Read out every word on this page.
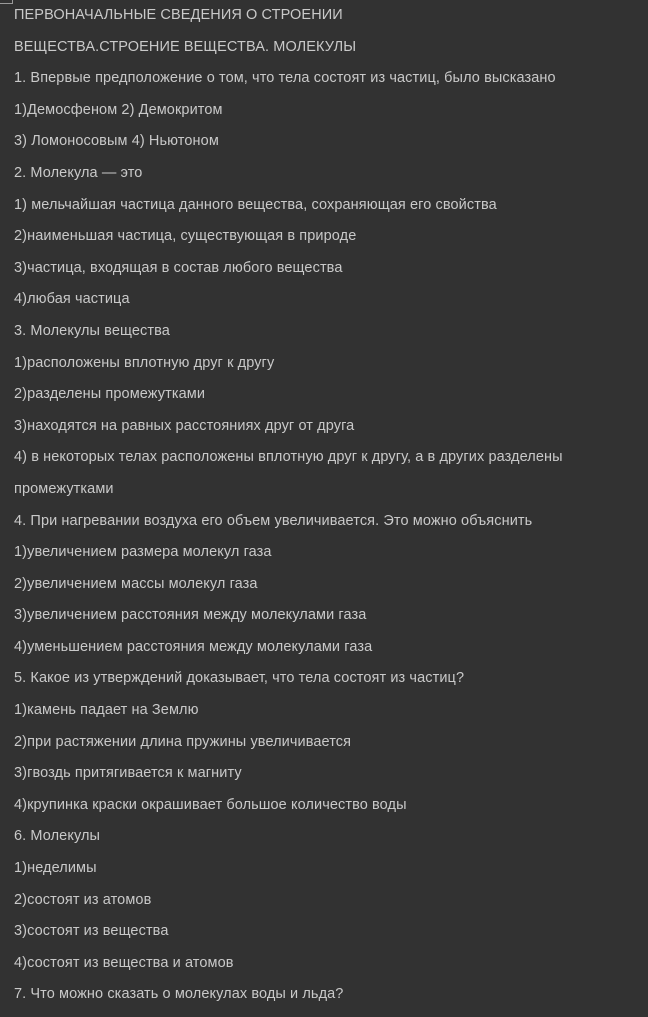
ПЕРВОНАЧАЛЬНЫЕ СВЕДЕНИЯ О СТРОЕНИИ
ВЕЩЕСТВА.СТРОЕНИЕ ВЕЩЕСТВА. МОЛЕКУЛЫ
1. Впервые предположение о том, что тела состоят из частиц, было высказано
1)Демосфеном 2) Демокритом
3) Ломоносовым 4) Ньютоном
2. Молекула — это
1) мельчайшая частица данного вещества, сохраняющая его свойства
2)наименьшая частица, существующая в природе
3)частица, входящая в состав любого вещества
4)любая частица
3. Молекулы вещества
1)расположены вплотную друг к другу
2)разделены промежутками
3)находятся на равных расстояниях друг от друга
4) в некоторых телах расположены вплотную друг к другу, а в других разделены
промежутками
4. При нагревании воздуха его объем увеличивается. Это можно объяснить
1)увеличением размера молекул газа
2)увеличением массы молекул газа
3)увеличением расстояния между молекулами газа
4)уменьшением расстояния между молекулами газа
5. Какое из утверждений доказывает, что тела состоят из частиц?
1)камень падает на Землю
2)при растяжении длина пружины увеличивается
3)гвоздь притягивается к магниту
4)крупинка краски окрашивает большое количество воды
6. Молекулы
1)неделимы
2)состоят из атомов
3)состоят из вещества
4)состоят из вещества и атомов
7. Что можно сказать о молекулах воды и льда?
